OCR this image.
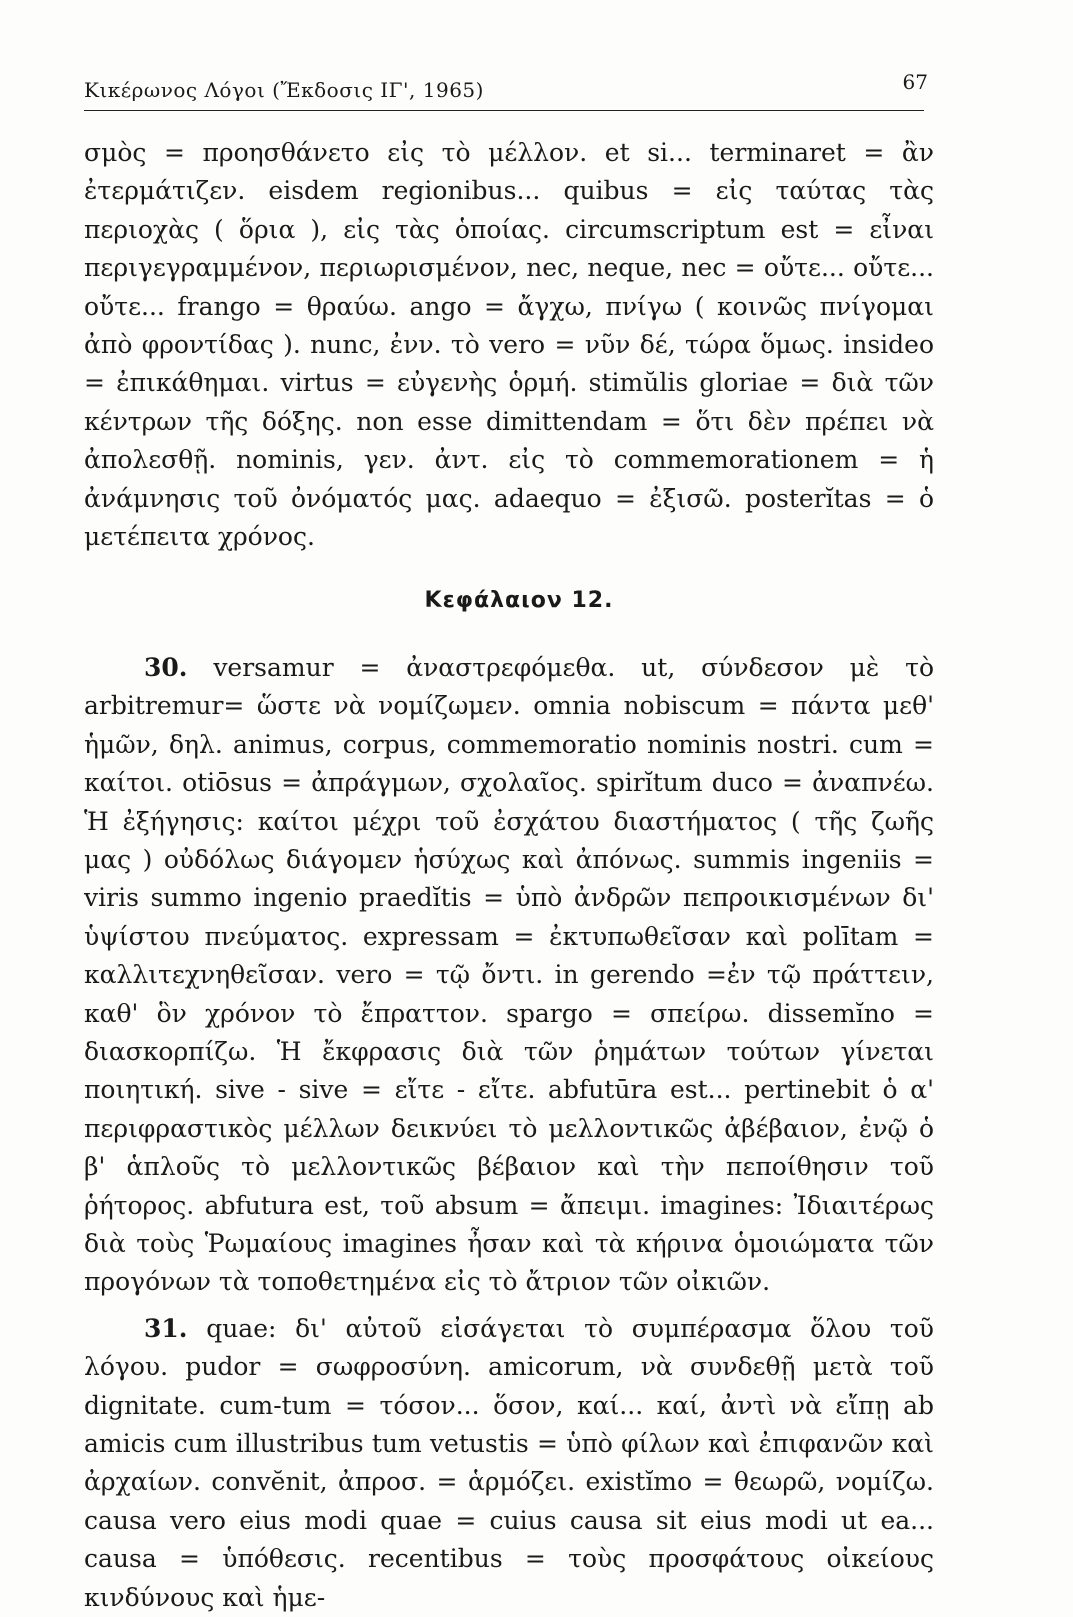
Κικέρωνος Λόγοι (Ἔκδοσις ΙΓ', 1965)	67

σμὸς = προησθάνετο εἰς τὸ μέλλον. et si... terminaret = ἂν ἐτερμάτιζεν. eisdem regionibus... quibus = εἰς ταύτας τὰς περιοχὰς ( ὅρια ), εἰς τὰς ὁποίας. circumscriptum est = εἶναι περιγεγραμμένον, περιωρισμένον, nec, neque, nec = οὔτε... οὔτε... οὔτε... frango = θραύω. ango = ἄγχω, πνίγω ( κοινῶς πνίγομαι ἀπὸ φροντίδας ). nunc, ἐνν. τὸ vero = νῦν δέ, τώρα ὅμως. insideo = ἐπικάθημαι. virtus = εὐγενὴς ὁρμή. stimŭlis gloriae = διὰ τῶν κέντρων τῆς δόξης. non esse dimittendam = ὅτι δὲν πρέπει νὰ ἀπολεσθῇ. nominis, γεν. ἀντ. εἰς τὸ commemorationem = ἡ ἀνάμνησις τοῦ ὀνόματός μας. adaequo = ἐξισῶ. posterĭtas = ὁ μετέπειτα χρόνος.

Κεφάλαιον 12.

30. versamur = ἀναστρεφόμεθα. ut, σύνδεσον μὲ τὸ arbitremur= ὥστε νὰ νομίζωμεν. omnia nobiscum = πάντα μεθ' ἡμῶν, δηλ. animus, corpus, commemoratio nominis nostri. cum = καίτοι. otiōsus = ἀπράγμων, σχολαῖος. spirĭtum duco = ἀναπνέω. Ἡ ἐξήγησις: καίτοι μέχρι τοῦ ἐσχάτου διαστήματος ( τῆς ζωῆς μας ) οὐδόλως διάγομεν ἡσύχως καὶ ἀπόνως. summis ingeniis = viris summo ingenio praedĭtis = ὑπὸ ἀνδρῶν πεπροικισμένων δι' ὑψίστου πνεύματος. expressam = ἐκτυπωθεῖσαν καὶ polītam = καλλιτεχνηθεῖσαν. vero = τῷ ὄντι. in gerendo =ἐν τῷ πράττειν, καθ' ὃν χρόνον τὸ ἔπραττον. spargo = σπείρω. dissemĭno = διασκορπίζω. Ἡ ἔκφρασις διὰ τῶν ῥημάτων τούτων γίνεται ποιητική. sive - sive = εἴτε - εἴτε. abfutūra est... pertinebit ὁ α' περιφραστικὸς μέλλων δεικνύει τὸ μελλοντικῶς ἀβέβαιον, ἐνῷ ὁ β' ἁπλοῦς τὸ μελλοντικῶς βέβαιον καὶ τὴν πεποίθησιν τοῦ ῥήτορος. abfutura est, τοῦ absum = ἄπειμι. imagines: Ἰδιαιτέρως διὰ τοὺς Ῥωμαίους imagines ἦσαν καὶ τὰ κήρινα ὁμοιώματα τῶν προγόνων τὰ τοποθετημένα εἰς τὸ ἄτριον τῶν οἰκιῶν.

31. quae: δι' αὐτοῦ εἰσάγεται τὸ συμπέρασμα ὅλου τοῦ λόγου. pudor = σωφροσύνη. amicorum, νὰ συνδεθῇ μετὰ τοῦ dignitate. cum-tum = τόσον... ὅσον, καί... καί, ἀντὶ νὰ εἴπῃ ab amicis cum illustribus tum vetustis = ὑπὸ φίλων καὶ ἐπιφανῶν καὶ ἀρχαίων. convĕnit, ἀπροσ. = ἁρμόζει. existĭmo = θεωρῶ, νομίζω. causa vero eius modi quae = cuius causa sit eius modi ut ea... causa = ὑπόθεσις. recentibus = τοὺς προσφάτους οἰκείους κινδύνους καὶ ἡμε-
